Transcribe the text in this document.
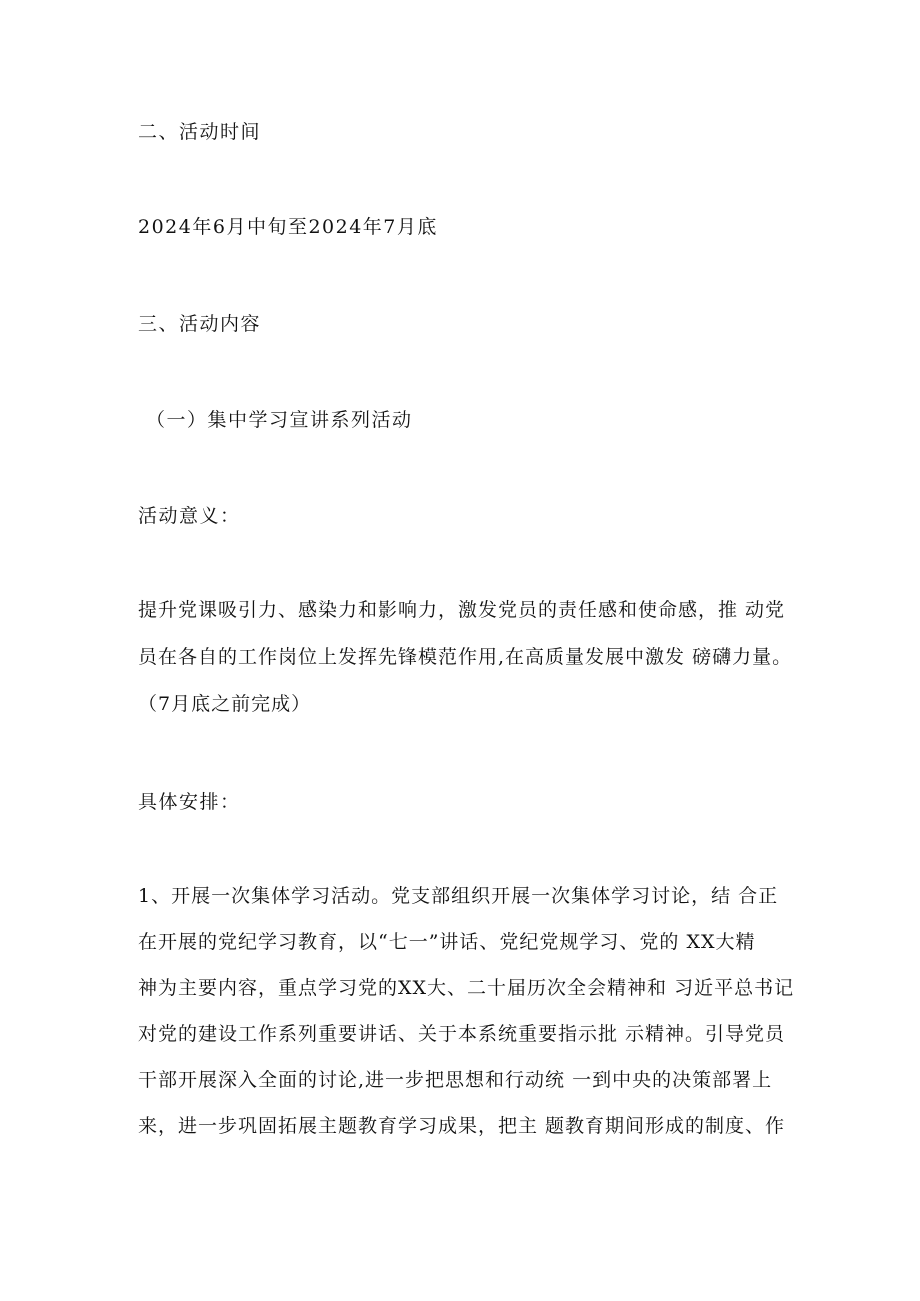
二、活动时间
2024年6月中旬至2024年7月底
三、活动内容
（一）集中学习宣讲系列活动
活动意义：
提升党课吸引力、感染力和影响力，激发党员的责任感和使命感，推 动党
员在各自的工作岗位上发挥先锋模范作用,在高质量发展中激发 磅礴力量。
（7月底之前完成）
具体安排：
1、开展一次集体学习活动。党支部组织开展一次集体学习讨论，结 合正
在开展的党纪学习教育，以“七一”讲话、党纪党规学习、党的 XX大精
神为主要内容，重点学习党的XX大、二十届历次全会精神和 习近平总书记
对党的建设工作系列重要讲话、关于本系统重要指示批 示精神。引导党员
干部开展深入全面的讨论,进一步把思想和行动统 一到中央的决策部署上
来，进一步巩固拓展主题教育学习成果，把主 题教育期间形成的制度、作
